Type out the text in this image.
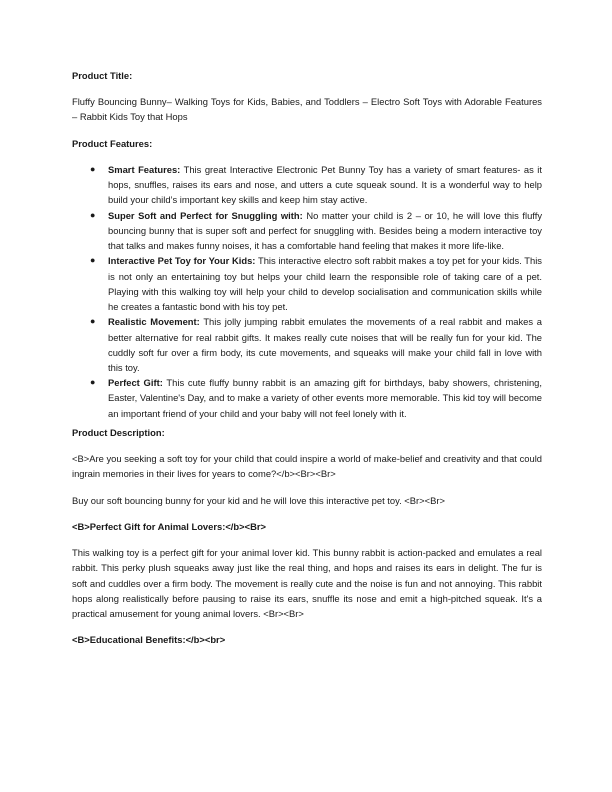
Product Title:

Fluffy Bouncing Bunny– Walking Toys for Kids, Babies, and Toddlers – Electro Soft Toys with Adorable Features – Rabbit Kids Toy that Hops

Product Features:

● Smart Features: This great Interactive Electronic Pet Bunny Toy has a variety of smart features- as it hops, snuffles, raises its ears and nose, and utters a cute squeak sound. It is a wonderful way to help build your child’s important key skills and keep him stay active.
● Super Soft and Perfect for Snuggling with: No matter your child is 2 – or 10, he will love this fluffy bouncing bunny that is super soft and perfect for snuggling with. Besides being a modern interactive toy that talks and makes funny noises, it has a comfortable hand feeling that makes it more life-like.
● Interactive Pet Toy for Your Kids: This interactive electro soft rabbit makes a toy pet for your kids. This is not only an entertaining toy but helps your child learn the responsible role of taking care of a pet. Playing with this walking toy will help your child to develop socialisation and communication skills while he creates a fantastic bond with his toy pet.
● Realistic Movement: This jolly jumping rabbit emulates the movements of a real rabbit and makes a better alternative for real rabbit gifts. It makes really cute noises that will be really fun for your kid. The cuddly soft fur over a firm body, its cute movements, and squeaks will make your child fall in love with this toy.
● Perfect Gift: This cute fluffy bunny rabbit is an amazing gift for birthdays, baby showers, christening, Easter, Valentine's Day, and to make a variety of other events more memorable. This kid toy will become an important friend of your child and your baby will not feel lonely with it.

Product Description:

<B>Are you seeking a soft toy for your child that could inspire a world of make-belief and creativity and that could ingrain memories in their lives for years to come?</b><Br><Br>

Buy our soft bouncing bunny for your kid and he will love this interactive pet toy. <Br><Br>

<B>Perfect Gift for Animal Lovers:</b><Br>

This walking toy is a perfect gift for your animal lover kid. This bunny rabbit is action-packed and emulates a real rabbit. This perky plush squeaks away just like the real thing, and hops and raises its ears in delight. The fur is soft and cuddles over a firm body. The movement is really cute and the noise is fun and not annoying. This rabbit hops along realistically before pausing to raise its ears, snuffle its nose and emit a high-pitched squeak. It's a practical amusement for young animal lovers. <Br><Br>

<B>Educational Benefits:</b><br>
